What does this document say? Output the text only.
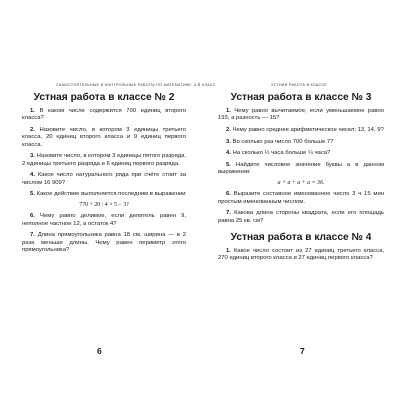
САМОСТОЯТЕЛЬНЫЕ И КОНТРОЛЬНЫЕ РАБОТЫ ПО МАТЕМАТИКЕ. 4-Й КЛАСС
Устная работа в классе № 2

1. В каком числе содержится 700 единиц второго класса?

2. Назовите число, в котором 3 единицы третьего класса, 20 единиц второго класса и 9 единиц первого класса.

3. Назовите число, в котором 3 единицы пятого разряда, 2 единицы третьего разряда и 6 единиц первого разряда.

4. Какое число натурального ряда при счёте стоит за числом 16 909?

5. Какое действие выполняется последним в выражении

770 + 20 : 4 × 5 − 3?

6. Чему равно делимое, если делитель равен 9, неполное частное 12, а остаток 4?

7. Длина прямоугольника равна 18 см, ширина — в 2 раза меньше длины. Чему равен периметр этого прямоугольника?

6
Устная работа в классе № 3

1. Чему равно вычитаемое, если уменьшаемое равно 193, а разность — 15?

2. Чему равно среднее арифметическое чисел: 13, 14, 9?

3. Во сколько раз число 700 больше 7?

4. На сколько ½ часа больше ¼ часа?

5. Найдите числовое значение буквы а в данном выражении:

а + а + а + а = 36.

6. Выразите составное именованное число 3 ч 15 мин простым именованным числом.

7. Какова длина стороны квадрата, если его площадь равна 25 кв. см?

Устная работа в классе № 4

1. Какое число состоит из 27 единиц третьего класса, 270 единиц второго класса и 27 единиц первого класса?

7
УСТНАЯ РАБОТА В КЛАССЕ
